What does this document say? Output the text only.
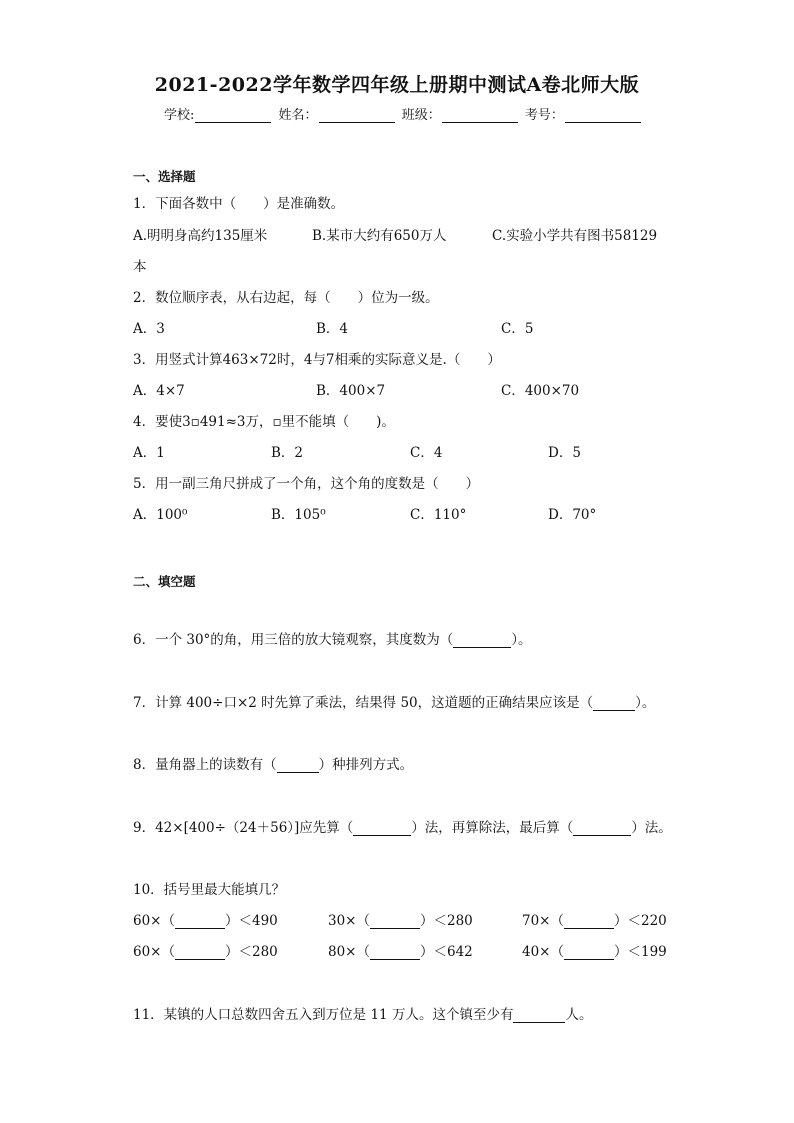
2021-2022学年数学四年级上册期中测试A卷北师大版
学校:	姓名：	班级：	考号：
一、选择题
1．下面各数中（　　）是准确数。
A.明明身高约135厘米	B.某市大约有650万人	C.实验小学共有图书58129
本
2．数位顺序表，从右边起，每（　　）位为一级。
A．3	B．4	C．5
3．用竖式计算463×72时，4与7相乘的实际意义是.（　　）
A．4×7	B．400×7	C．400×70
4．要使3▫491≈3万，▫里不能填（　　)。
A．1	B．2	C．4	D．5
5．用一副三角尺拼成了一个角，这个角的度数是（　　）
A．100⁰	B．105⁰	C．110°	D．70°
二、填空题
6．一个 30°的角，用三倍的放大镜观察，其度数为（	）。
7．计算 400÷口×2 时先算了乘法，结果得 50，这道题的正确结果应该是（	）。
8．量角器上的读数有（	）种排列方式。
9．42×[400÷（24＋56）]应先算（	）法，再算除法，最后算（	）法。
10．括号里最大能填几？
60×（	）＜490	30×（	）＜280	70×（	）＜220
60×（	）＜280	80×（	）＜642	40×（	）＜199
11．某镇的人口总数四舍五入到万位是 11 万人。这个镇至少有	人。
